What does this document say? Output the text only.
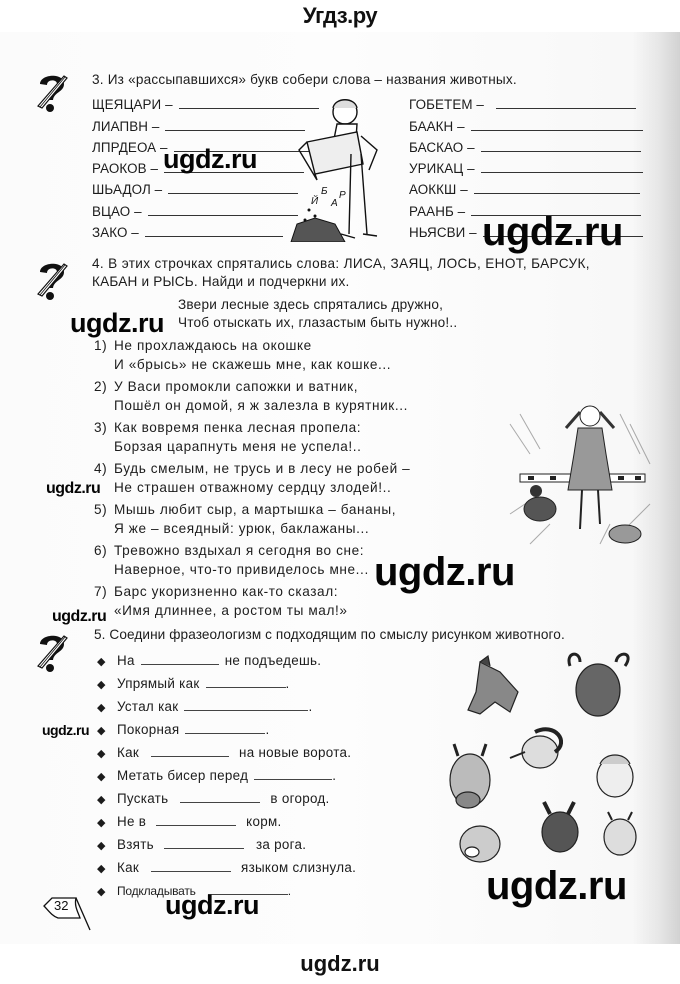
Угдз.ру
3. Из «рассыпавшихся» букв собери слова – названия животных.
ЩЕЯЦАРИ –
ЛИАПВН –
ЛПРДЕОА –
РАОКОВ –
ШЬАДОЛ –
ВЦАО –
ЗАКО –
Б
А
Р
Й
ГОБЕТЕМ –
БААКН –
БАСКАО –
УРИКАЦ –
АОККШ –
РААНБ –
НЬЯСВИ – ugdz.ru
ugdz.ru
4. В этих строчках спрятались слова: ЛИСА, ЗАЯЦ, ЛОСЬ, ЕНОТ, БАРСУК,
КАБАН и РЫСЬ. Найди и подчеркни их.
Звери лесные здесь спрятались дружно,
Чтоб отыскать их, глазастым быть нужно!..
ugdz.ru
1) Не прохлаждаюсь на окошке
И «брысь» не скажешь мне, как кошке...
2) У Васи промокли сапожки и ватник,
Пошёл он домой, я ж залезла в курятник...
3) Как вовремя пенка лесная пропела:
Борзая царапнуть меня не успела!..
4) Будь смелым, не трусь и в лесу не робей –
Не страшен отважному сердцу злодей!..
ugdz.ru
5) Мышь любит сыр, а мартышка – бананы,
Я же – всеядный: урюк, баклажаны...
6) Тревожно вздыхал я сегодня во сне:
Наверное, что-то привиделось мне...
7) Барс укоризненно как-то сказал:
«Имя длиннее, а ростом ты мал!»
ugdz.ru
ugdz.ru
5. Соедини фразеологизм с подходящим по смыслу рисунком животного.
◆ На	не подъедешь.
◆ Упрямый как	.
◆ Устал как	.
◆ Покорная	.
ugdz.ru
◆ Как	на новые ворота.
◆ Метать бисер перед	.
◆ Пускать	в огород.
◆ Не в	корм.
◆ Взять	за рога.
◆ Как	языком слизнула.
◆ Подкладывать	.	ugdz.ru
32	ugdz.ru
ugdz.ru
